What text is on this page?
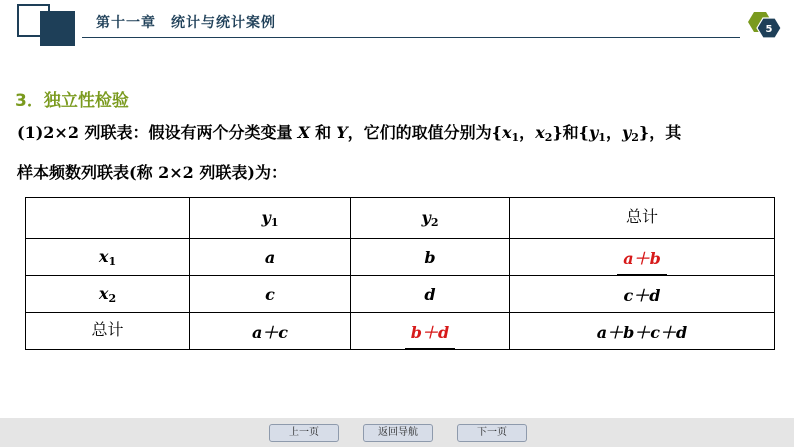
第十一章　统计与统计案例	5
3．独立性检验
(1)2×2 列联表：假设有两个分类变量 X 和 Y，它们的取值分别为{$x_1$，$x_2$}和{$y_1$，$y_2$}，其
样本频数列联表(称 2×2 列联表)为：
	$y_1$	$y_2$	总计
$x_1$	a	b	a＋b
$x_2$	c	d	c＋d
总计	a＋c	b＋d	a＋b＋c＋d
上一页	返回导航	下一页
